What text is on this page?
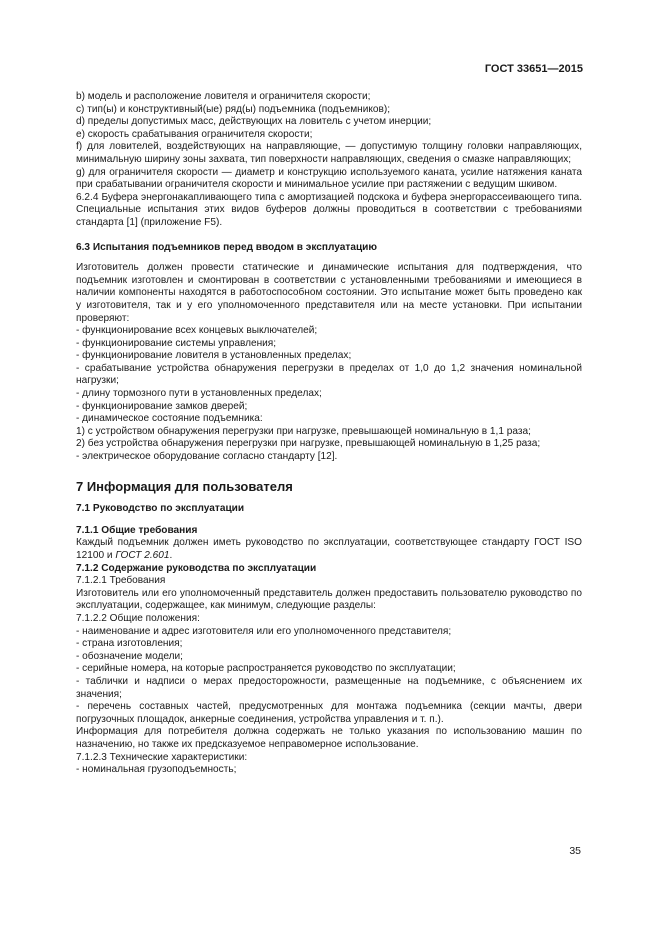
ГОСТ 33651—2015

b) модель и расположение ловителя и ограничителя скорости;

c) тип(ы) и конструктивный(ые) ряд(ы) подъемника (подъемников);

d) пределы допустимых масс, действующих на ловитель с учетом инерции;

e) скорость срабатывания ограничителя скорости;

f) для ловителей, воздействующих на направляющие, — допустимую толщину головки направляющих, минимальную ширину зоны захвата, тип поверхности направляющих, сведения о смазке направляющих;

g) для ограничителя скорости — диаметр и конструкцию используемого каната, усилие натяжения каната при срабатывании ограничителя скорости и минимальное усилие при растяжении с ведущим шкивом.

6.2.4 Буфера энергонакапливающего типа с амортизацией подскока и буфера энергорассеивающего типа. Специальные испытания этих видов буферов должны проводиться в соответствии с требованиями стандарта [1] (приложение F5).

6.3 Испытания подъемников перед вводом в эксплуатацию

Изготовитель должен провести статические и динамические испытания для подтверждения, что подъемник изготовлен и смонтирован в соответствии с установленными требованиями и имеющиеся в наличии компоненты находятся в работоспособном состоянии. Это испытание может быть проведено как у изготовителя, так и у его уполномоченного представителя или на месте установки. При испытании проверяют:

- функционирование всех концевых выключателей;

- функционирование системы управления;

- функционирование ловителя в установленных пределах;

- срабатывание устройства обнаружения перегрузки в пределах от 1,0 до 1,2 значения номинальной нагрузки;

- длину тормозного пути в установленных пределах;

- функционирование замков дверей;

- динамическое состояние подъемника:

1) с устройством обнаружения перегрузки при нагрузке, превышающей номинальную в 1,1 раза;

2) без устройства обнаружения перегрузки при нагрузке, превышающей номинальную в 1,25 раза;

- электрическое оборудование согласно стандарту [12].

7 Информация для пользователя

7.1 Руководство по эксплуатации

7.1.1 Общие требования

Каждый подъемник должен иметь руководство по эксплуатации, соответствующее стандарту ГОСТ ISO 12100 и ГОСТ 2.601.

7.1.2 Содержание руководства по эксплуатации

7.1.2.1 Требования

Изготовитель или его уполномоченный представитель должен предоставить пользователю руководство по эксплуатации, содержащее, как минимум, следующие разделы:

7.1.2.2 Общие положения:

- наименование и адрес изготовителя или его уполномоченного представителя;

- страна изготовления;

- обозначение модели;

- серийные номера, на которые распространяется руководство по эксплуатации;

- таблички и надписи о мерах предосторожности, размещенные на подъемнике, с объяснением их значения;

- перечень составных частей, предусмотренных для монтажа подъемника (секции мачты, двери погрузочных площадок, анкерные соединения, устройства управления и т. п.).

Информация для потребителя должна содержать не только указания по использованию машин по назначению, но также их предсказуемое неправомерное использование.

7.1.2.3 Технические характеристики:

- номинальная грузоподъемность;

35
